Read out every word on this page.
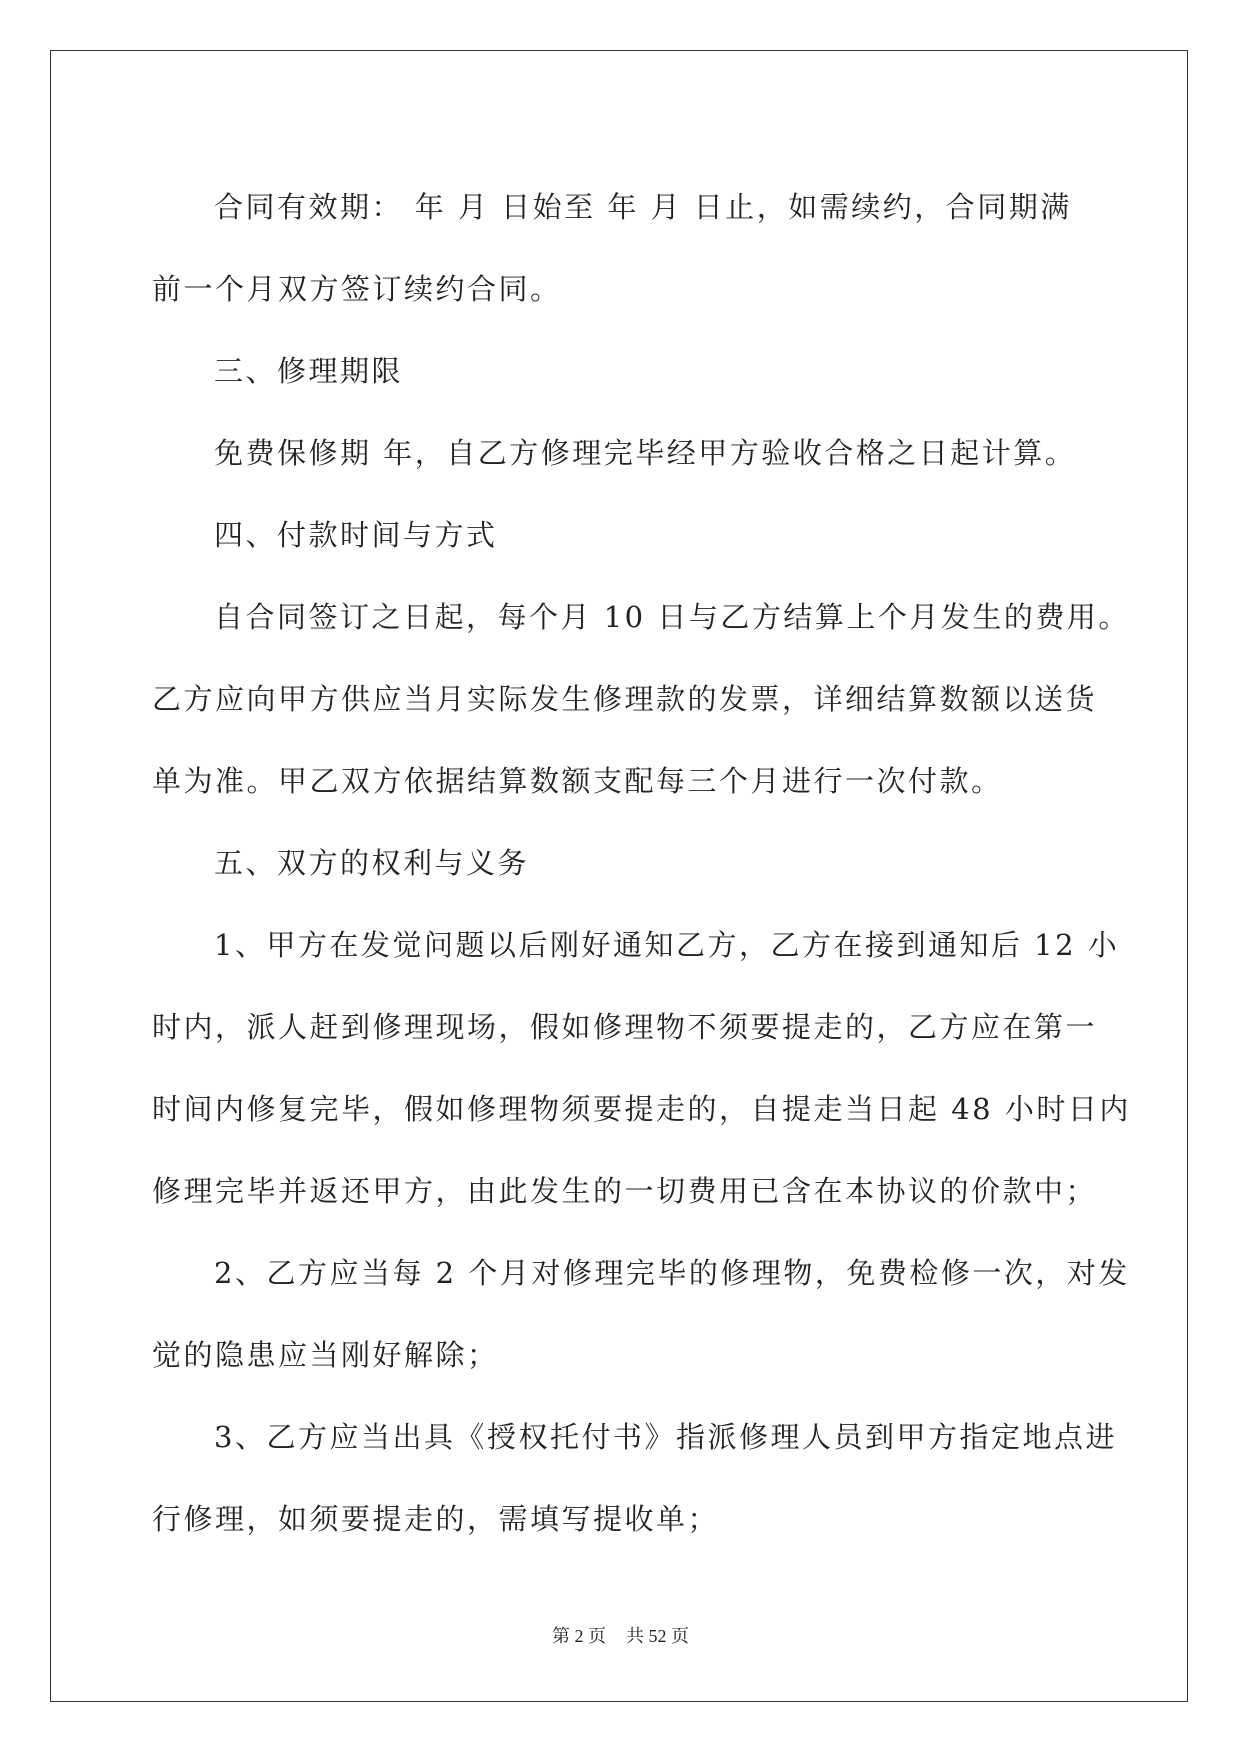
合同有效期： 年 月 日始至 年 月 日止，如需续约，合同期满
前一个月双方签订续约合同。
三、修理期限
免费保修期 年，自乙方修理完毕经甲方验收合格之日起计算。
四、付款时间与方式
自合同签订之日起，每个月 10 日与乙方结算上个月发生的费用。
乙方应向甲方供应当月实际发生修理款的发票，详细结算数额以送货
单为准。甲乙双方依据结算数额支配每三个月进行一次付款。
五、双方的权利与义务
1、甲方在发觉问题以后刚好通知乙方，乙方在接到通知后 12 小
时内，派人赶到修理现场，假如修理物不须要提走的，乙方应在第一
时间内修复完毕，假如修理物须要提走的，自提走当日起 48 小时日内
修理完毕并返还甲方，由此发生的一切费用已含在本协议的价款中；
2、乙方应当每 2 个月对修理完毕的修理物，免费检修一次，对发
觉的隐患应当刚好解除；
3、乙方应当出具《授权托付书》指派修理人员到甲方指定地点进
行修理，如须要提走的，需填写提收单；
第 2 页 共 52 页
